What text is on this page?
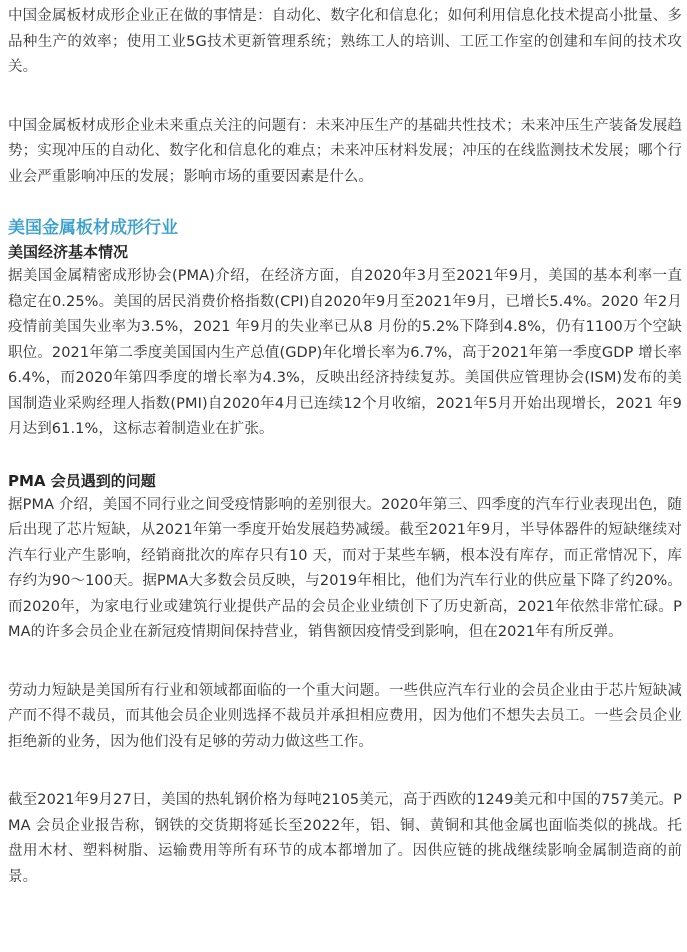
中国金属板材成形企业正在做的事情是：自动化、数字化和信息化；如何利用信息化技术提高小批量、多品种生产的效率；使用工业5G技术更新管理系统；熟练工人的培训、工匠工作室的创建和车间的技术攻关。

中国金属板材成形企业未来重点关注的问题有：未来冲压生产的基础共性技术；未来冲压生产装备发展趋势；实现冲压的自动化、数字化和信息化的难点；未来冲压材料发展；冲压的在线监测技术发展；哪个行业会严重影响冲压的发展；影响市场的重要因素是什么。

美国金属板材成形行业
美国经济基本情况

据美国金属精密成形协会(PMA)介绍，在经济方面，自2020年3月至2021年9月，美国的基本利率一直稳定在0.25%。美国的居民消费价格指数(CPI)自2020年9月至2021年9月，已增长5.4%。2020 年2月疫情前美国失业率为3.5%，2021 年9月的失业率已从8 月份的5.2%下降到4.8%，仍有1100万个空缺职位。2021年第二季度美国国内生产总值(GDP)年化增长率为6.7%，高于2021年第一季度GDP 增长率6.4%，而2020年第四季度的增长率为4.3%，反映出经济持续复苏。美国供应管理协会(ISM)发布的美国制造业采购经理人指数(PMI)自2020年4月已连续12个月收缩，2021年5月开始出现增长，2021 年9月达到61.1%，这标志着制造业在扩张。

PMA 会员遇到的问题

据PMA 介绍，美国不同行业之间受疫情影响的差别很大。2020年第三、四季度的汽车行业表现出色，随后出现了芯片短缺，从2021年第一季度开始发展趋势减缓。截至2021年9月，半导体器件的短缺继续对汽车行业产生影响，经销商批次的库存只有10 天，而对于某些车辆，根本没有库存，而正常情况下，库存约为90～100天。据PMA大多数会员反映，与2019年相比，他们为汽车行业的供应量下降了约20%。而2020年，为家电行业或建筑行业提供产品的会员企业业绩创下了历史新高，2021年依然非常忙碌。PMA的许多会员企业在新冠疫情期间保持营业，销售额因疫情受到影响，但在2021年有所反弹。

劳动力短缺是美国所有行业和领域都面临的一个重大问题。一些供应汽车行业的会员企业由于芯片短缺减产而不得不裁员，而其他会员企业则选择不裁员并承担相应费用，因为他们不想失去员工。一些会员企业拒绝新的业务，因为他们没有足够的劳动力做这些工作。

截至2021年9月27日，美国的热轧钢价格为每吨2105美元，高于西欧的1249美元和中国的757美元。PMA 会员企业报告称，钢铁的交货期将延长至2022年，铝、铜、黄铜和其他金属也面临类似的挑战。托盘用木材、塑料树脂、运输费用等所有环节的成本都增加了。因供应链的挑战继续影响金属制造商的前景。
